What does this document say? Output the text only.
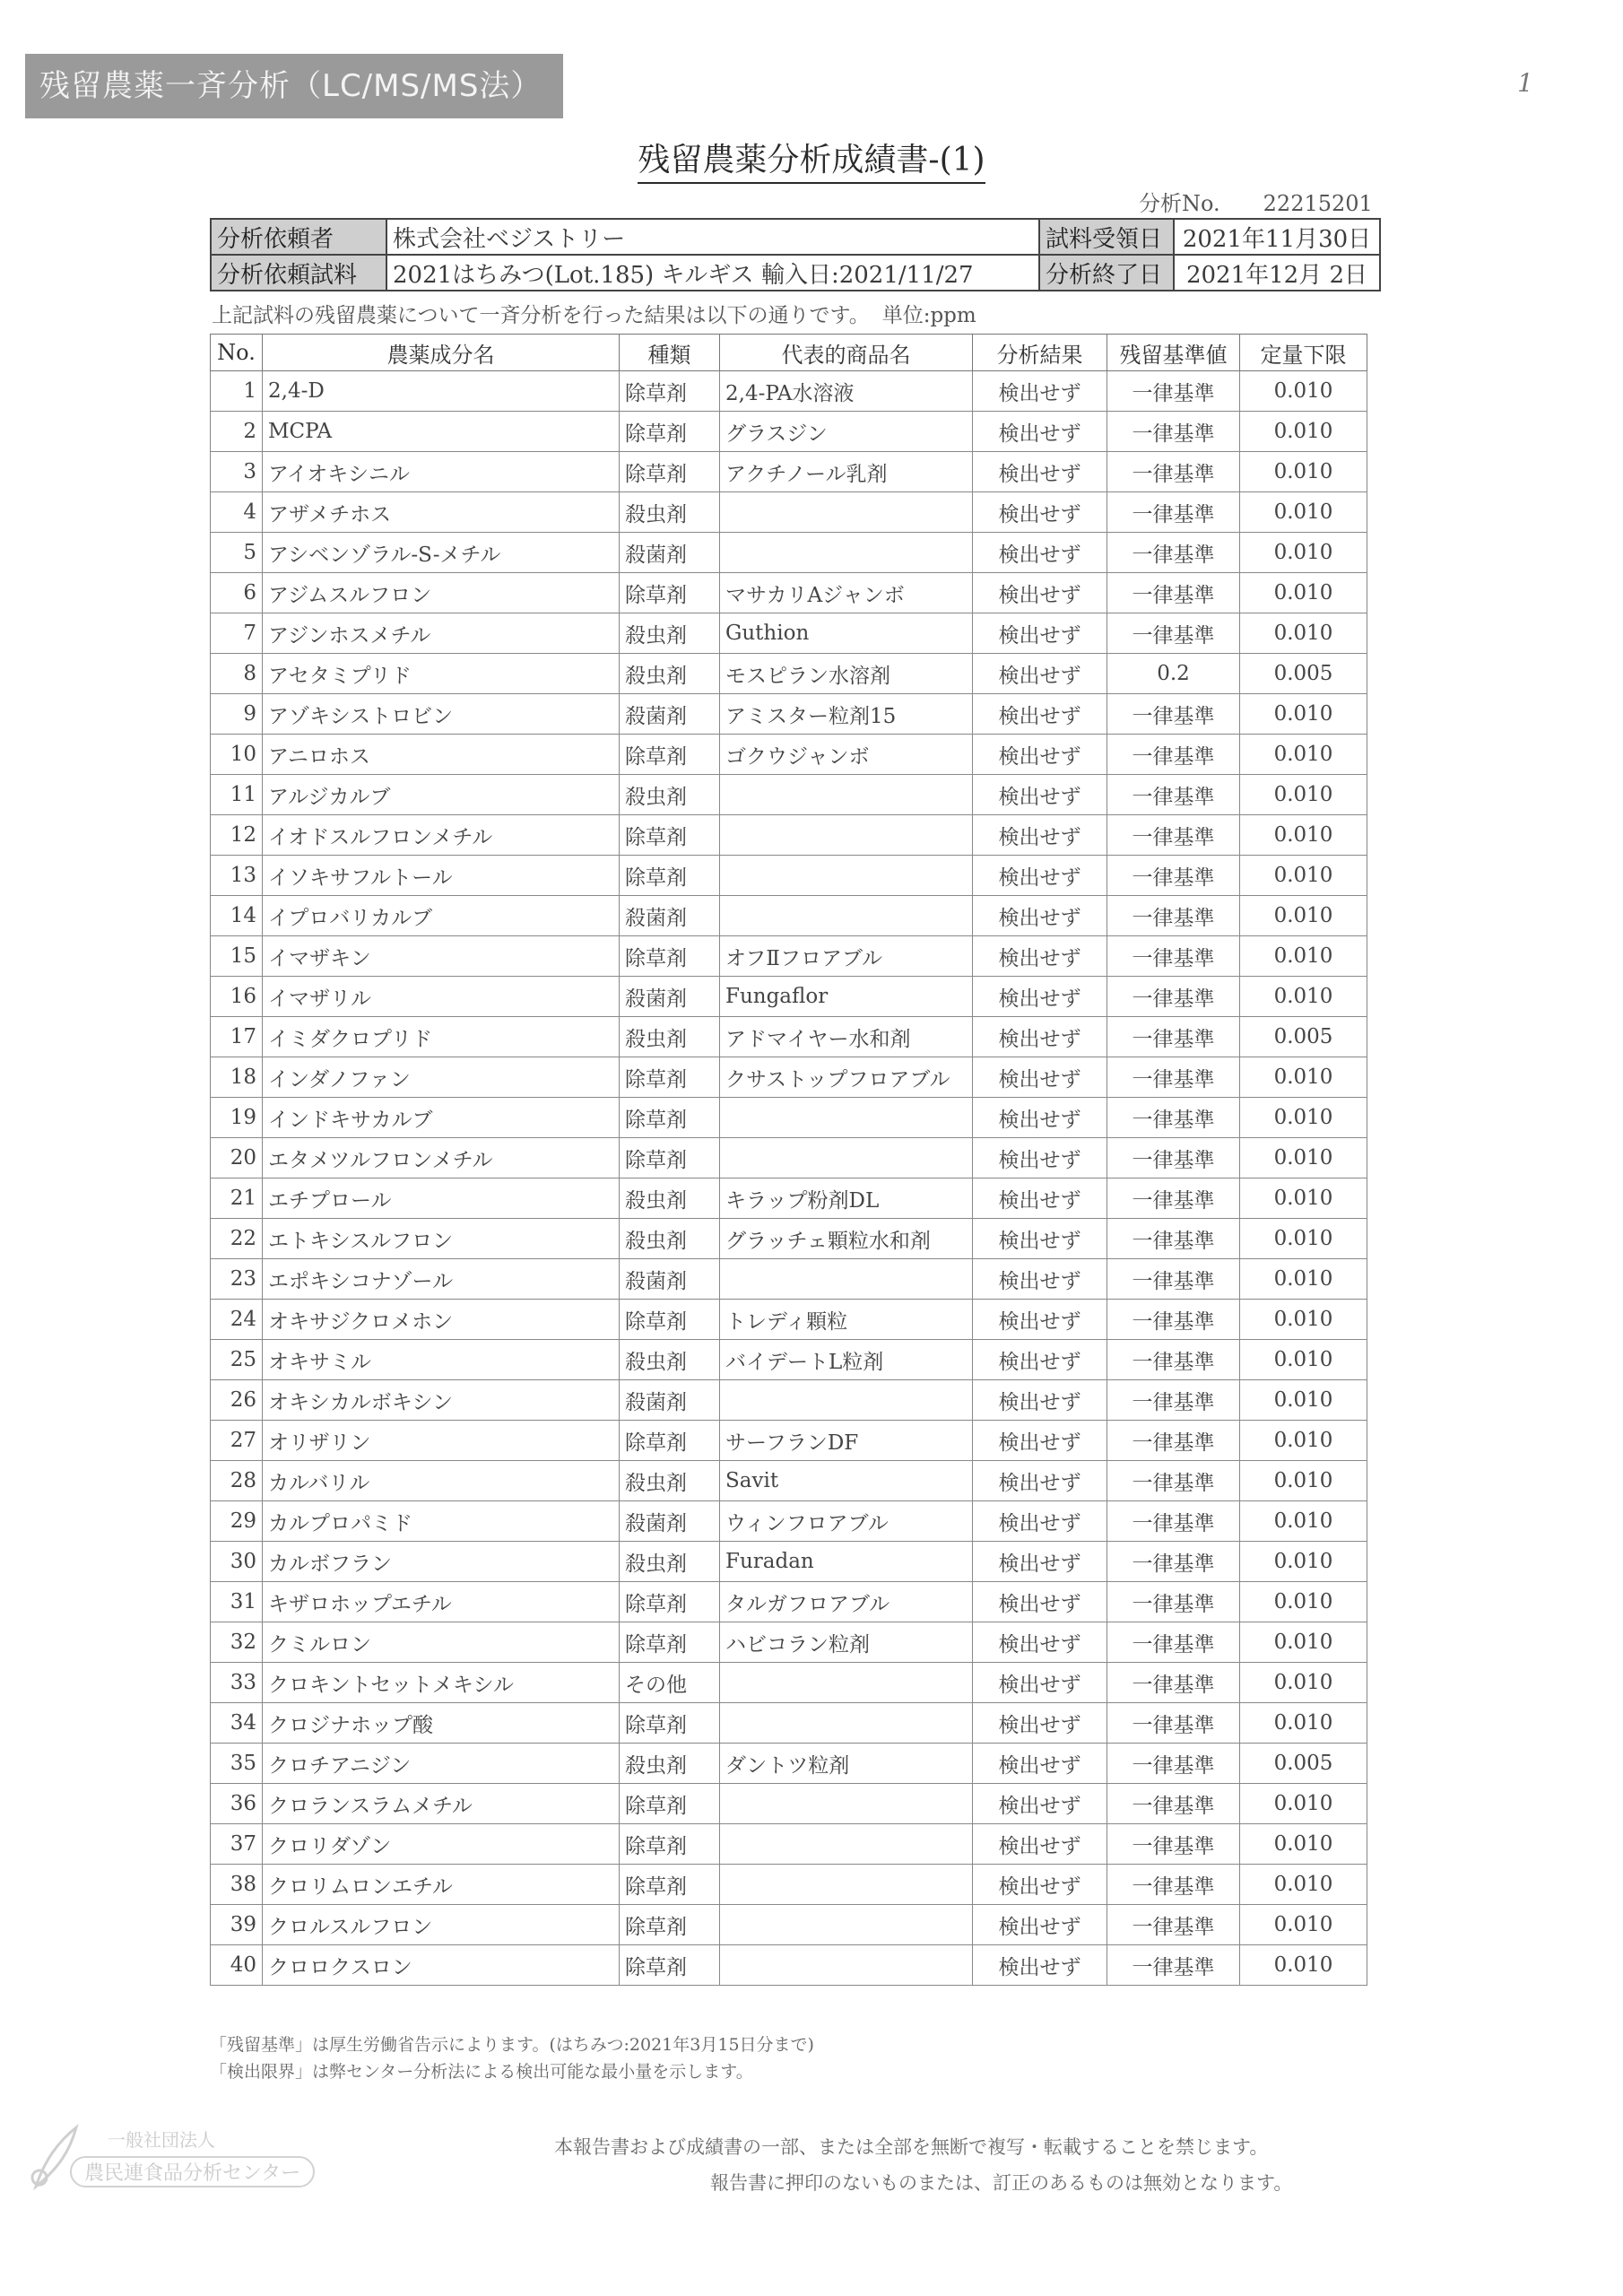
残留農薬一斉分析（LC/MS/MS法）	1
残留農薬分析成績書-(1)
分析No. 22215201
分析依頼者	株式会社ベジストリー	試料受領日	2021年11月30日
分析依頼試料	2021はちみつ(Lot.185) キルギス 輸入日:2021/11/27	分析終了日	2021年12月 2日
上記試料の残留農薬について一斉分析を行った結果は以下の通りです。 単位:ppm
No.	農薬成分名	種類	代表的商品名	分析結果	残留基準値	定量下限
1	2,4-D	除草剤	2,4-PA水溶液	検出せず	一律基準	0.010
2	MCPA	除草剤	グラスジン	検出せず	一律基準	0.010
3	アイオキシニル	除草剤	アクチノール乳剤	検出せず	一律基準	0.010
4	アザメチホス	殺虫剤		検出せず	一律基準	0.010
5	アシベンゾラル-S-メチル	殺菌剤		検出せず	一律基準	0.010
6	アジムスルフロン	除草剤	マサカリAジャンボ	検出せず	一律基準	0.010
7	アジンホスメチル	殺虫剤	Guthion	検出せず	一律基準	0.010
8	アセタミプリド	殺虫剤	モスピラン水溶剤	検出せず	0.2	0.005
9	アゾキシストロビン	殺菌剤	アミスター粒剤15	検出せず	一律基準	0.010
10	アニロホス	除草剤	ゴクウジャンボ	検出せず	一律基準	0.010
11	アルジカルブ	殺虫剤		検出せず	一律基準	0.010
12	イオドスルフロンメチル	除草剤		検出せず	一律基準	0.010
13	イソキサフルトール	除草剤		検出せず	一律基準	0.010
14	イプロバリカルブ	殺菌剤		検出せず	一律基準	0.010
15	イマザキン	除草剤	オフⅡフロアブル	検出せず	一律基準	0.010
16	イマザリル	殺菌剤	Fungaflor	検出せず	一律基準	0.010
17	イミダクロプリド	殺虫剤	アドマイヤー水和剤	検出せず	一律基準	0.005
18	インダノファン	除草剤	クサストップフロアブル	検出せず	一律基準	0.010
19	インドキサカルブ	除草剤		検出せず	一律基準	0.010
20	エタメツルフロンメチル	除草剤		検出せず	一律基準	0.010
21	エチプロール	殺虫剤	キラップ粉剤DL	検出せず	一律基準	0.010
22	エトキシスルフロン	殺虫剤	グラッチェ顆粒水和剤	検出せず	一律基準	0.010
23	エポキシコナゾール	殺菌剤		検出せず	一律基準	0.010
24	オキサジクロメホン	除草剤	トレディ顆粒	検出せず	一律基準	0.010
25	オキサミル	殺虫剤	バイデートL粒剤	検出せず	一律基準	0.010
26	オキシカルボキシン	殺菌剤		検出せず	一律基準	0.010
27	オリザリン	除草剤	サーフランDF	検出せず	一律基準	0.010
28	カルバリル	殺虫剤	Savit	検出せず	一律基準	0.010
29	カルプロパミド	殺菌剤	ウィンフロアブル	検出せず	一律基準	0.010
30	カルボフラン	殺虫剤	Furadan	検出せず	一律基準	0.010
31	キザロホップエチル	除草剤	タルガフロアブル	検出せず	一律基準	0.010
32	クミルロン	除草剤	ハビコラン粒剤	検出せず	一律基準	0.010
33	クロキントセットメキシル	その他		検出せず	一律基準	0.010
34	クロジナホップ酸	除草剤		検出せず	一律基準	0.010
35	クロチアニジン	殺虫剤	ダントツ粒剤	検出せず	一律基準	0.005
36	クロランスラムメチル	除草剤		検出せず	一律基準	0.010
37	クロリダゾン	除草剤		検出せず	一律基準	0.010
38	クロリムロンエチル	除草剤		検出せず	一律基準	0.010
39	クロルスルフロン	除草剤		検出せず	一律基準	0.010
40	クロロクスロン	除草剤		検出せず	一律基準	0.010
「残留基準」は厚生労働省告示によります。(はちみつ:2021年3月15日分まで)
「検出限界」は弊センター分析法による検出可能な最小量を示します。
一般社団法人
農民連食品分析センター
本報告書および成績書の一部、または全部を無断で複写・転載することを禁じます。
報告書に押印のないものまたは、訂正のあるものは無効となります。
